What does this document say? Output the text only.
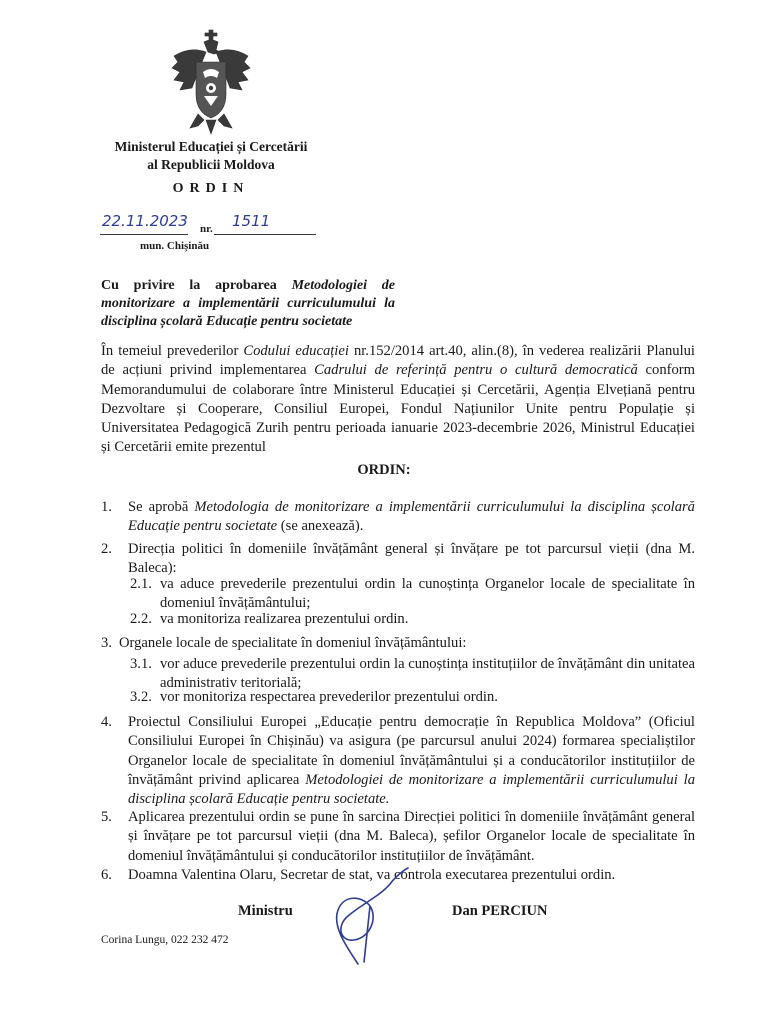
Ministerul Educației și Cercetării
al Republicii Moldova
ORDIN
22.11.2023 nr. 1511
mun. Chișinău
Cu privire la aprobarea Metodologiei de monitorizare a implementării curriculumului la disciplina școlară Educație pentru societate
În temeiul prevederilor Codului educației nr.152/2014 art.40, alin.(8), în vederea realizării Planului de acțiuni privind implementarea Cadrului de referință pentru o cultură democratică conform Memorandumului de colaborare între Ministerul Educației și Cercetării, Agenția Elvețiană pentru Dezvoltare și Cooperare, Consiliul Europei, Fondul Națiunilor Unite pentru Populație și Universitatea Pedagogică Zurih pentru perioada ianuarie 2023-decembrie 2026, Ministrul Educației și Cercetării emite prezentul
ORDIN:
1. Se aprobă Metodologia de monitorizare a implementării curriculumului la disciplina școlară Educație pentru societate (se anexează).
2. Direcția politici în domeniile învățământ general și învățare pe tot parcursul vieții (dna M. Baleca):
2.1. va aduce prevederile prezentului ordin la cunoștința Organelor locale de specialitate în domeniul învățământului;
2.2. va monitoriza realizarea prezentului ordin.
3. Organele locale de specialitate în domeniul învățământului:
3.1. vor aduce prevederile prezentului ordin la cunoștința instituțiilor de învățământ din unitatea administrativ teritorială;
3.2. vor monitoriza respectarea prevederilor prezentului ordin.
4. Proiectul Consiliului Europei „Educație pentru democrație în Republica Moldova” (Oficiul Consiliului Europei în Chișinău) va asigura (pe parcursul anului 2024) formarea specialiștilor Organelor locale de specialitate în domeniul învățământului și a conducătorilor instituțiilor de învățământ privind aplicarea Metodologiei de monitorizare a implementării curriculumului la disciplina școlară Educație pentru societate.
5. Aplicarea prezentului ordin se pune în sarcina Direcției politici în domeniile învățământ general și învățare pe tot parcursul vieții (dna M. Baleca), șefilor Organelor locale de specialitate în domeniul învățământului și conducătorilor instituțiilor de învățământ.
6. Doamna Valentina Olaru, Secretar de stat, va controla executarea prezentului ordin.
Ministru	Dan PERCIUN
Corina Lungu, 022 232 472
